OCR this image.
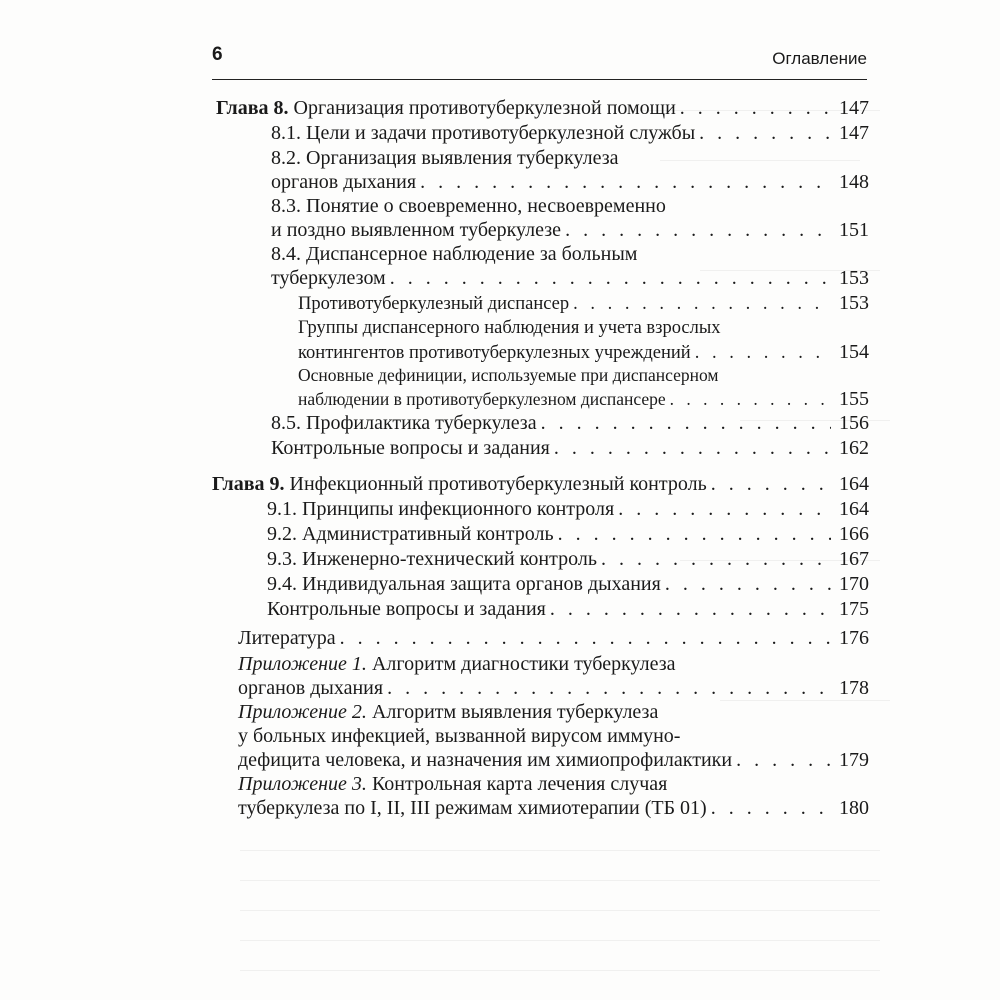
6	Оглавление
Глава 8.
Организация противотуберкулезной помощи . . .	147
8.1. Цели и задачи противотуберкулезной службы . . .	147
8.2. Организация выявления туберкулеза
органов дыхания . . .	148
8.3. Понятие о своевременно, несвоевременно
и поздно выявленном туберкулезе . . .	151
8.4. Диспансерное наблюдение за больным
туберкулезом . . .	153
Противотуберкулезный диспансер . . .	153
Группы диспансерного наблюдения и учета взрослых
контингентов противотуберкулезных учреждений . . .	154
Основные дефиниции, используемые при диспансерном
наблюдении в противотуберкулезном диспансере . . .	155
8.5. Профилактика туберкулеза . . .	156
Контрольные вопросы и задания . . .	162
Глава 9.
Инфекционный противотуберкулезный контроль . . .	164
9.1. Принципы инфекционного контроля . . .	164
9.2. Административный контроль . . .	166
9.3. Инженерно-технический контроль . . .	167
9.4. Индивидуальная защита органов дыхания . . .	170
Контрольные вопросы и задания . . .	175
Литература . . .	176
Приложение 1. Алгоритм диагностики туберкулеза
органов дыхания . . .	178
Приложение 2. Алгоритм выявления туберкулеза
у больных инфекцией, вызванной вирусом иммуно-
дефицита человека, и назначения им химиопрофилактики . . .	179
Приложение 3. Контрольная карта лечения случая
туберкулеза по I, II, III режимам химиотерапии (ТБ 01) . . .	180
